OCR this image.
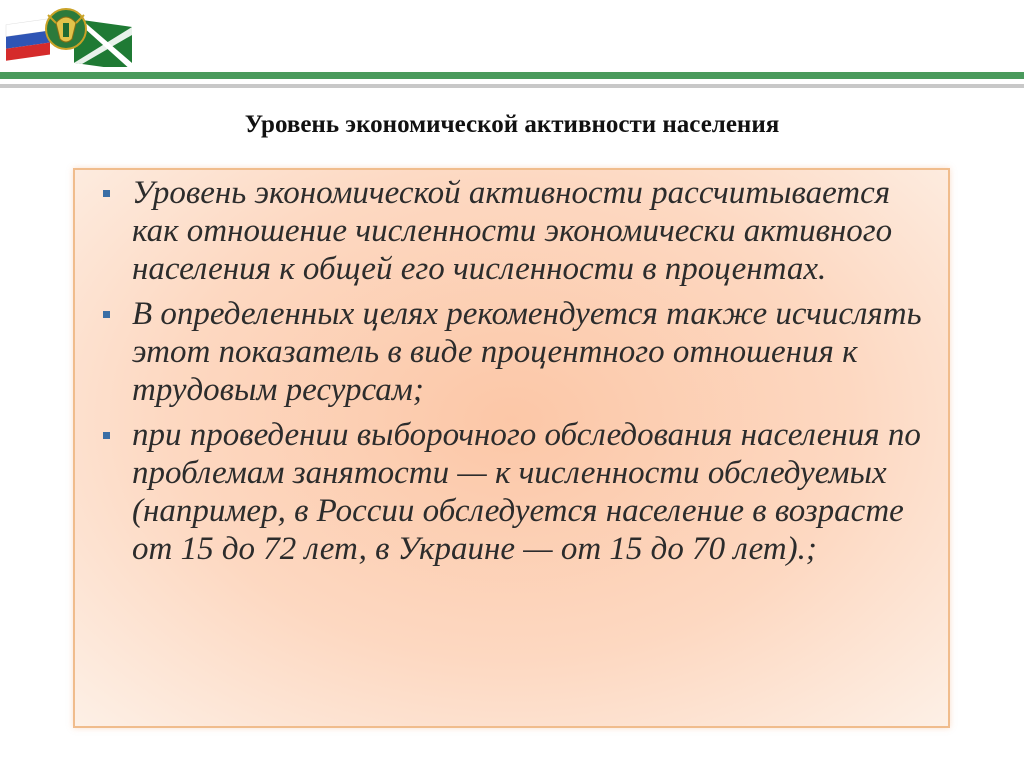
Уровень экономической активности населения
Уровень экономической активности рассчитывается как отношение численности экономически активного населения к общей его численности в процентах.
В определенных целях рекомендуется также исчислять этот показатель в виде процентного отношения к трудовым ресурсам;
при проведении выборочного обследования населения по проблемам занятости — к численности обследуемых (например, в России обследуется население в возрасте от 15 до 72 лет, в Украине — от 15 до 70 лет).;
